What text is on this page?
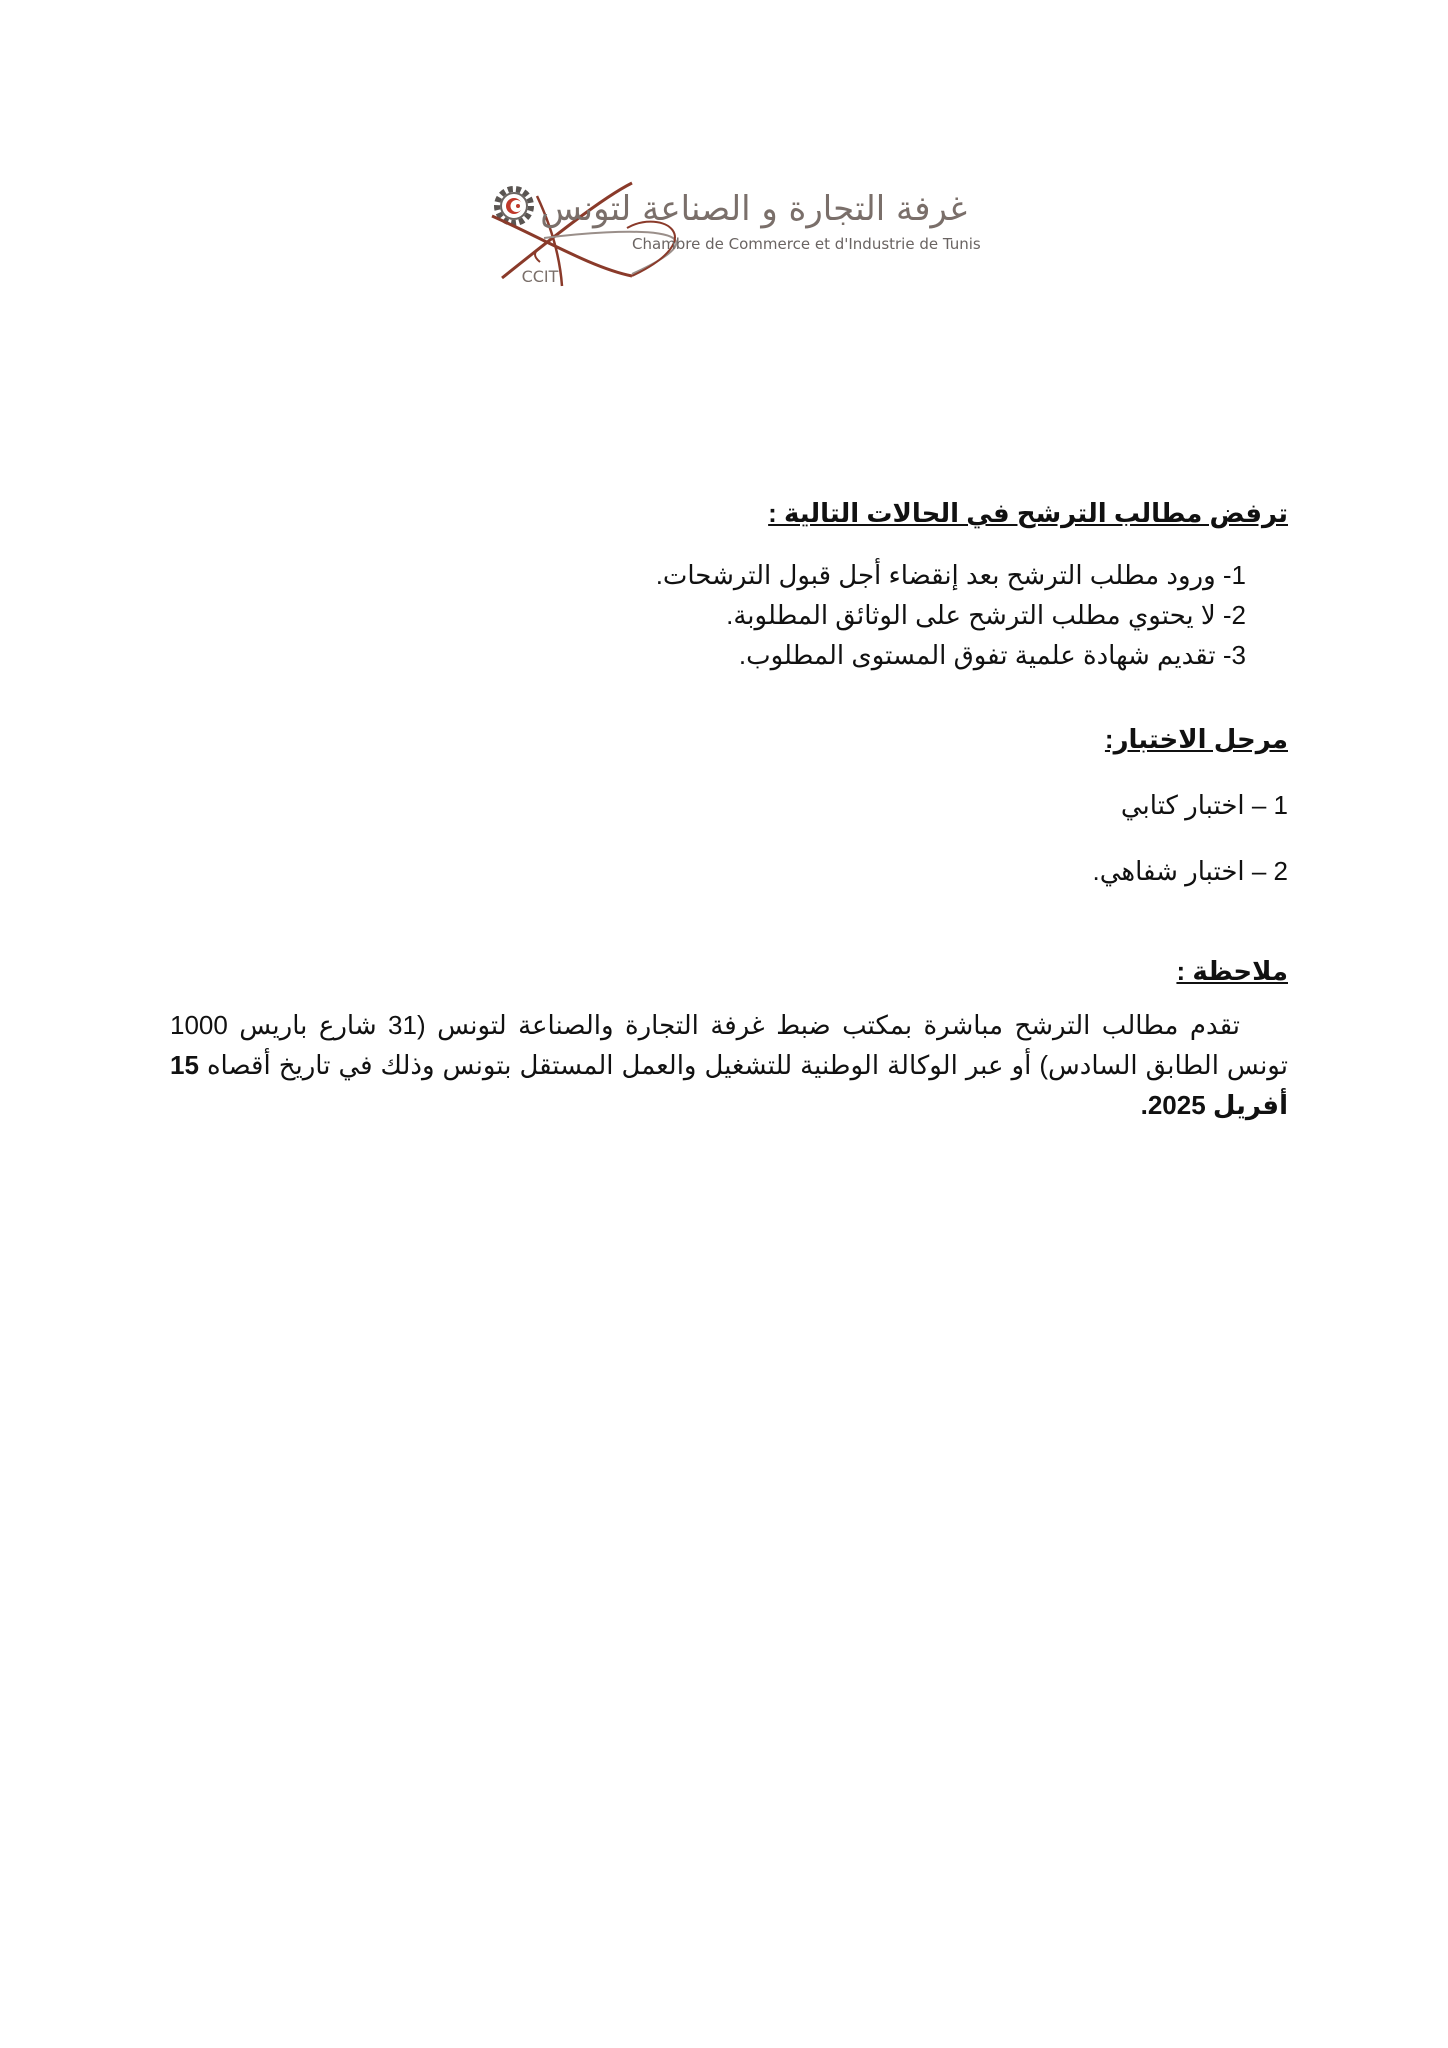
غرفة التجارة و الصناعة لتونس
Chambre de Commerce et d'Industrie de Tunis
CCIT
ترفض مطالب الترشح في الحالات التالية :
1- ورود مطلب الترشح بعد إنقضاء أجل قبول الترشحات.
2- لا يحتوي مطلب الترشح على الوثائق المطلوبة.
3- تقديم شهادة علمية تفوق المستوى المطلوب.
مرحل الاختبار:
1 – اختبار كتابي
2 – اختبار شفاهي.
ملاحظة :

تقدم مطالب الترشح مباشرة بمكتب ضبط غرفة التجارة والصناعة لتونس (31 شارع باريس 1000 تونس الطابق السادس) أو عبر الوكالة الوطنية للتشغيل والعمل المستقل بتونس وذلك في تاريخ أقصاه 15 أفريل 2025.
